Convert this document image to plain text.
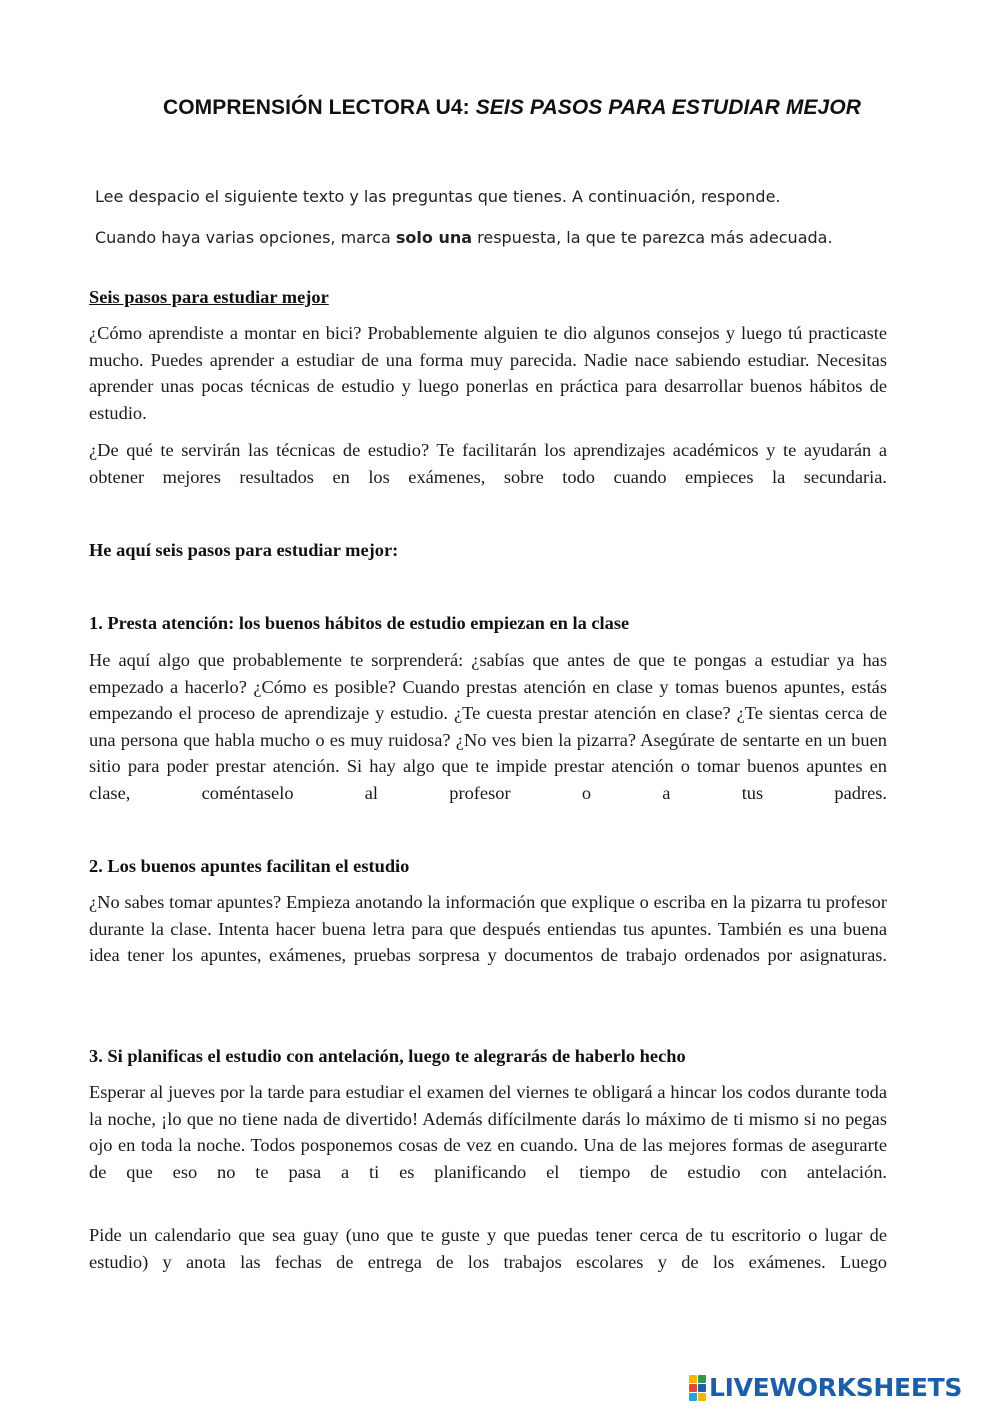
COMPRENSIÓN LECTORA U4: SEIS PASOS PARA ESTUDIAR MEJOR
Lee despacio el siguiente texto y las preguntas que tienes. A continuación, responde.
Cuando haya varias opciones, marca solo una respuesta, la que te parezca más adecuada.
Seis pasos para estudiar mejor
¿Cómo aprendiste a montar en bici? Probablemente alguien te dio algunos consejos y luego tú practicaste mucho. Puedes aprender a estudiar de una forma muy parecida. Nadie nace sabiendo estudiar. Necesitas aprender unas pocas técnicas de estudio y luego ponerlas en práctica para desarrollar buenos hábitos de estudio.
¿De qué te servirán las técnicas de estudio? Te facilitarán los aprendizajes académicos y te ayudarán a obtener mejores resultados en los exámenes, sobre todo cuando empieces la secundaria.
He aquí seis pasos para estudiar mejor:
1. Presta atención: los buenos hábitos de estudio empiezan en la clase
He aquí algo que probablemente te sorprenderá: ¿sabías que antes de que te pongas a estudiar ya has empezado a hacerlo? ¿Cómo es posible? Cuando prestas atención en clase y tomas buenos apuntes, estás empezando el proceso de aprendizaje y estudio. ¿Te cuesta prestar atención en clase? ¿Te sientas cerca de una persona que habla mucho o es muy ruidosa? ¿No ves bien la pizarra? Asegúrate de sentarte en un buen sitio para poder prestar atención. Si hay algo que te impide prestar atención o tomar buenos apuntes en clase, coméntaselo al profesor o a tus padres.
2. Los buenos apuntes facilitan el estudio
¿No sabes tomar apuntes? Empieza anotando la información que explique o escriba en la pizarra tu profesor durante la clase. Intenta hacer buena letra para que después entiendas tus apuntes. También es una buena idea tener los apuntes, exámenes, pruebas sorpresa y documentos de trabajo ordenados por asignaturas.
3. Si planificas el estudio con antelación, luego te alegrarás de haberlo hecho
Esperar al jueves por la tarde para estudiar el examen del viernes te obligará a hincar los codos durante toda la noche, ¡lo que no tiene nada de divertido! Además difícilmente darás lo máximo de ti mismo si no pegas ojo en toda la noche. Todos posponemos cosas de vez en cuando. Una de las mejores formas de asegurarte de que eso no te pasa a ti es planificando el tiempo de estudio con antelación.
Pide un calendario que sea guay (uno que te guste y que puedas tener cerca de tu escritorio o lugar de estudio) y anota las fechas de entrega de los trabajos escolares y de los exámenes. Luego
LIVEWORKSHEETS
